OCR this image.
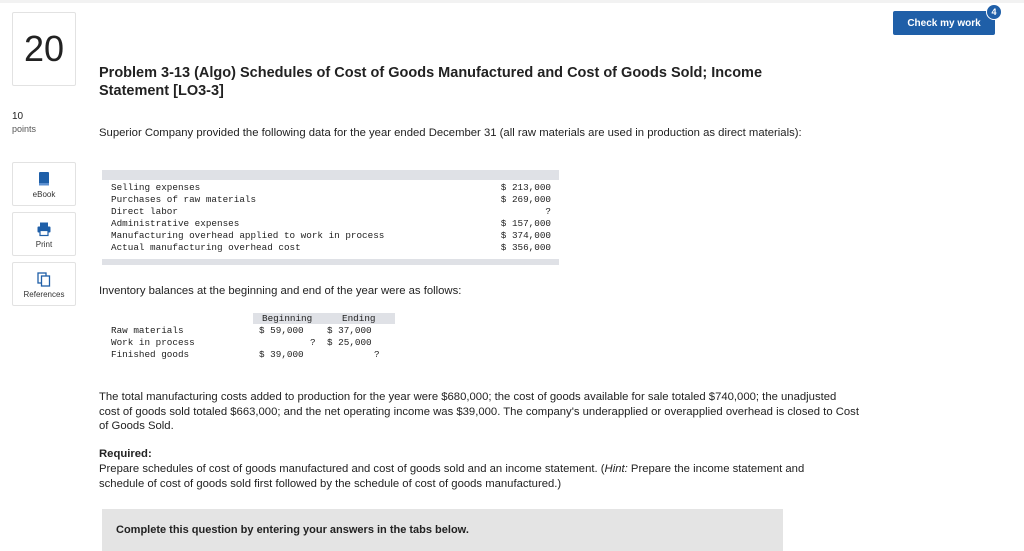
20
10
points
eBook
Print
References
Check my work
4
Problem 3-13 (Algo) Schedules of Cost of Goods Manufactured and Cost of Goods Sold; Income Statement [LO3-3]
Superior Company provided the following data for the year ended December 31 (all raw materials are used in production as direct materials):
Selling expenses	$ 213,000
Purchases of raw materials	$ 269,000
Direct labor	?
Administrative expenses	$ 157,000
Manufacturing overhead applied to work in process	$ 374,000
Actual manufacturing overhead cost	$ 356,000
Inventory balances at the beginning and end of the year were as follows:
Beginning	Ending
Raw materials	$ 59,000	$ 37,000
Work in process	? $ 25,000
Finished goods	$ 39,000	?
The total manufacturing costs added to production for the year were $680,000; the cost of goods available for sale totaled $740,000; the unadjusted cost of goods sold totaled $663,000; and the net operating income was $39,000. The company's underapplied or overapplied overhead is closed to Cost of Goods Sold.
Required:
Prepare schedules of cost of goods manufactured and cost of goods sold and an income statement. (Hint: Prepare the income statement and schedule of cost of goods sold first followed by the schedule of cost of goods manufactured.)
Complete this question by entering your answers in the tabs below.
